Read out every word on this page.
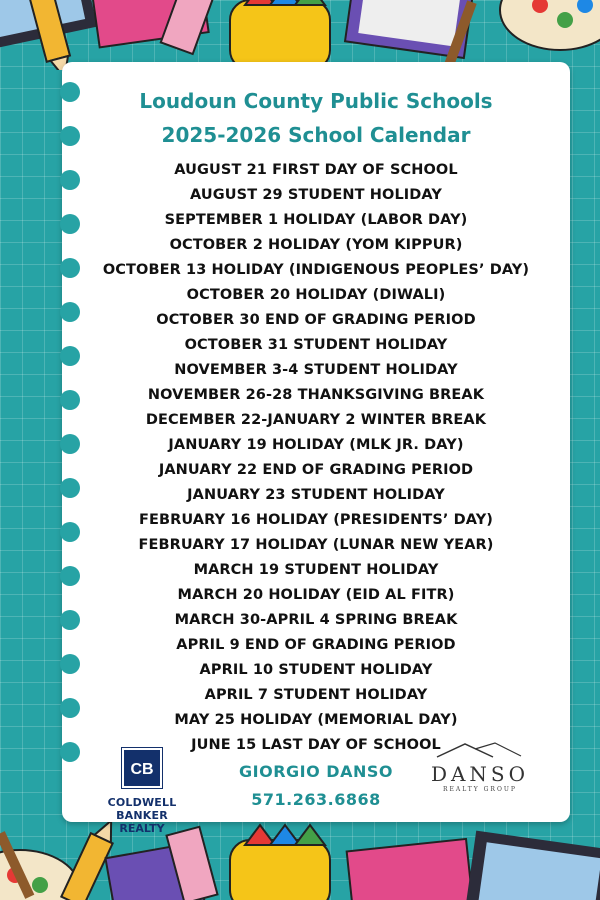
Loudoun County Public Schools
2025-2026 School Calendar
AUGUST 21 FIRST DAY OF SCHOOL
AUGUST 29 STUDENT HOLIDAY
SEPTEMBER 1 HOLIDAY (LABOR DAY)
OCTOBER 2 HOLIDAY (YOM KIPPUR)
OCTOBER 13 HOLIDAY (INDIGENOUS PEOPLES’ DAY)
OCTOBER 20 HOLIDAY (DIWALI)
OCTOBER 30 END OF GRADING PERIOD
OCTOBER 31 STUDENT HOLIDAY
NOVEMBER 3-4 STUDENT HOLIDAY
NOVEMBER 26-28 THANKSGIVING BREAK
DECEMBER 22-JANUARY 2 WINTER BREAK
JANUARY 19 HOLIDAY (MLK JR. DAY)
JANUARY 22 END OF GRADING PERIOD
JANUARY 23 STUDENT HOLIDAY
FEBRUARY 16 HOLIDAY (PRESIDENTS’ DAY)
FEBRUARY 17 HOLIDAY (LUNAR NEW YEAR)
MARCH 19 STUDENT HOLIDAY
MARCH 20 HOLIDAY (EID AL FITR)
MARCH 30-APRIL 4 SPRING BREAK
APRIL 9 END OF GRADING PERIOD
APRIL 10 STUDENT HOLIDAY
APRIL 7 STUDENT HOLIDAY
MAY 25 HOLIDAY (MEMORIAL DAY)
JUNE 15 LAST DAY OF SCHOOL
GIORGIO DANSO
571.263.6868
CB
COLDWELL BANKER
REALTY
DANSO
REALTY GROUP
